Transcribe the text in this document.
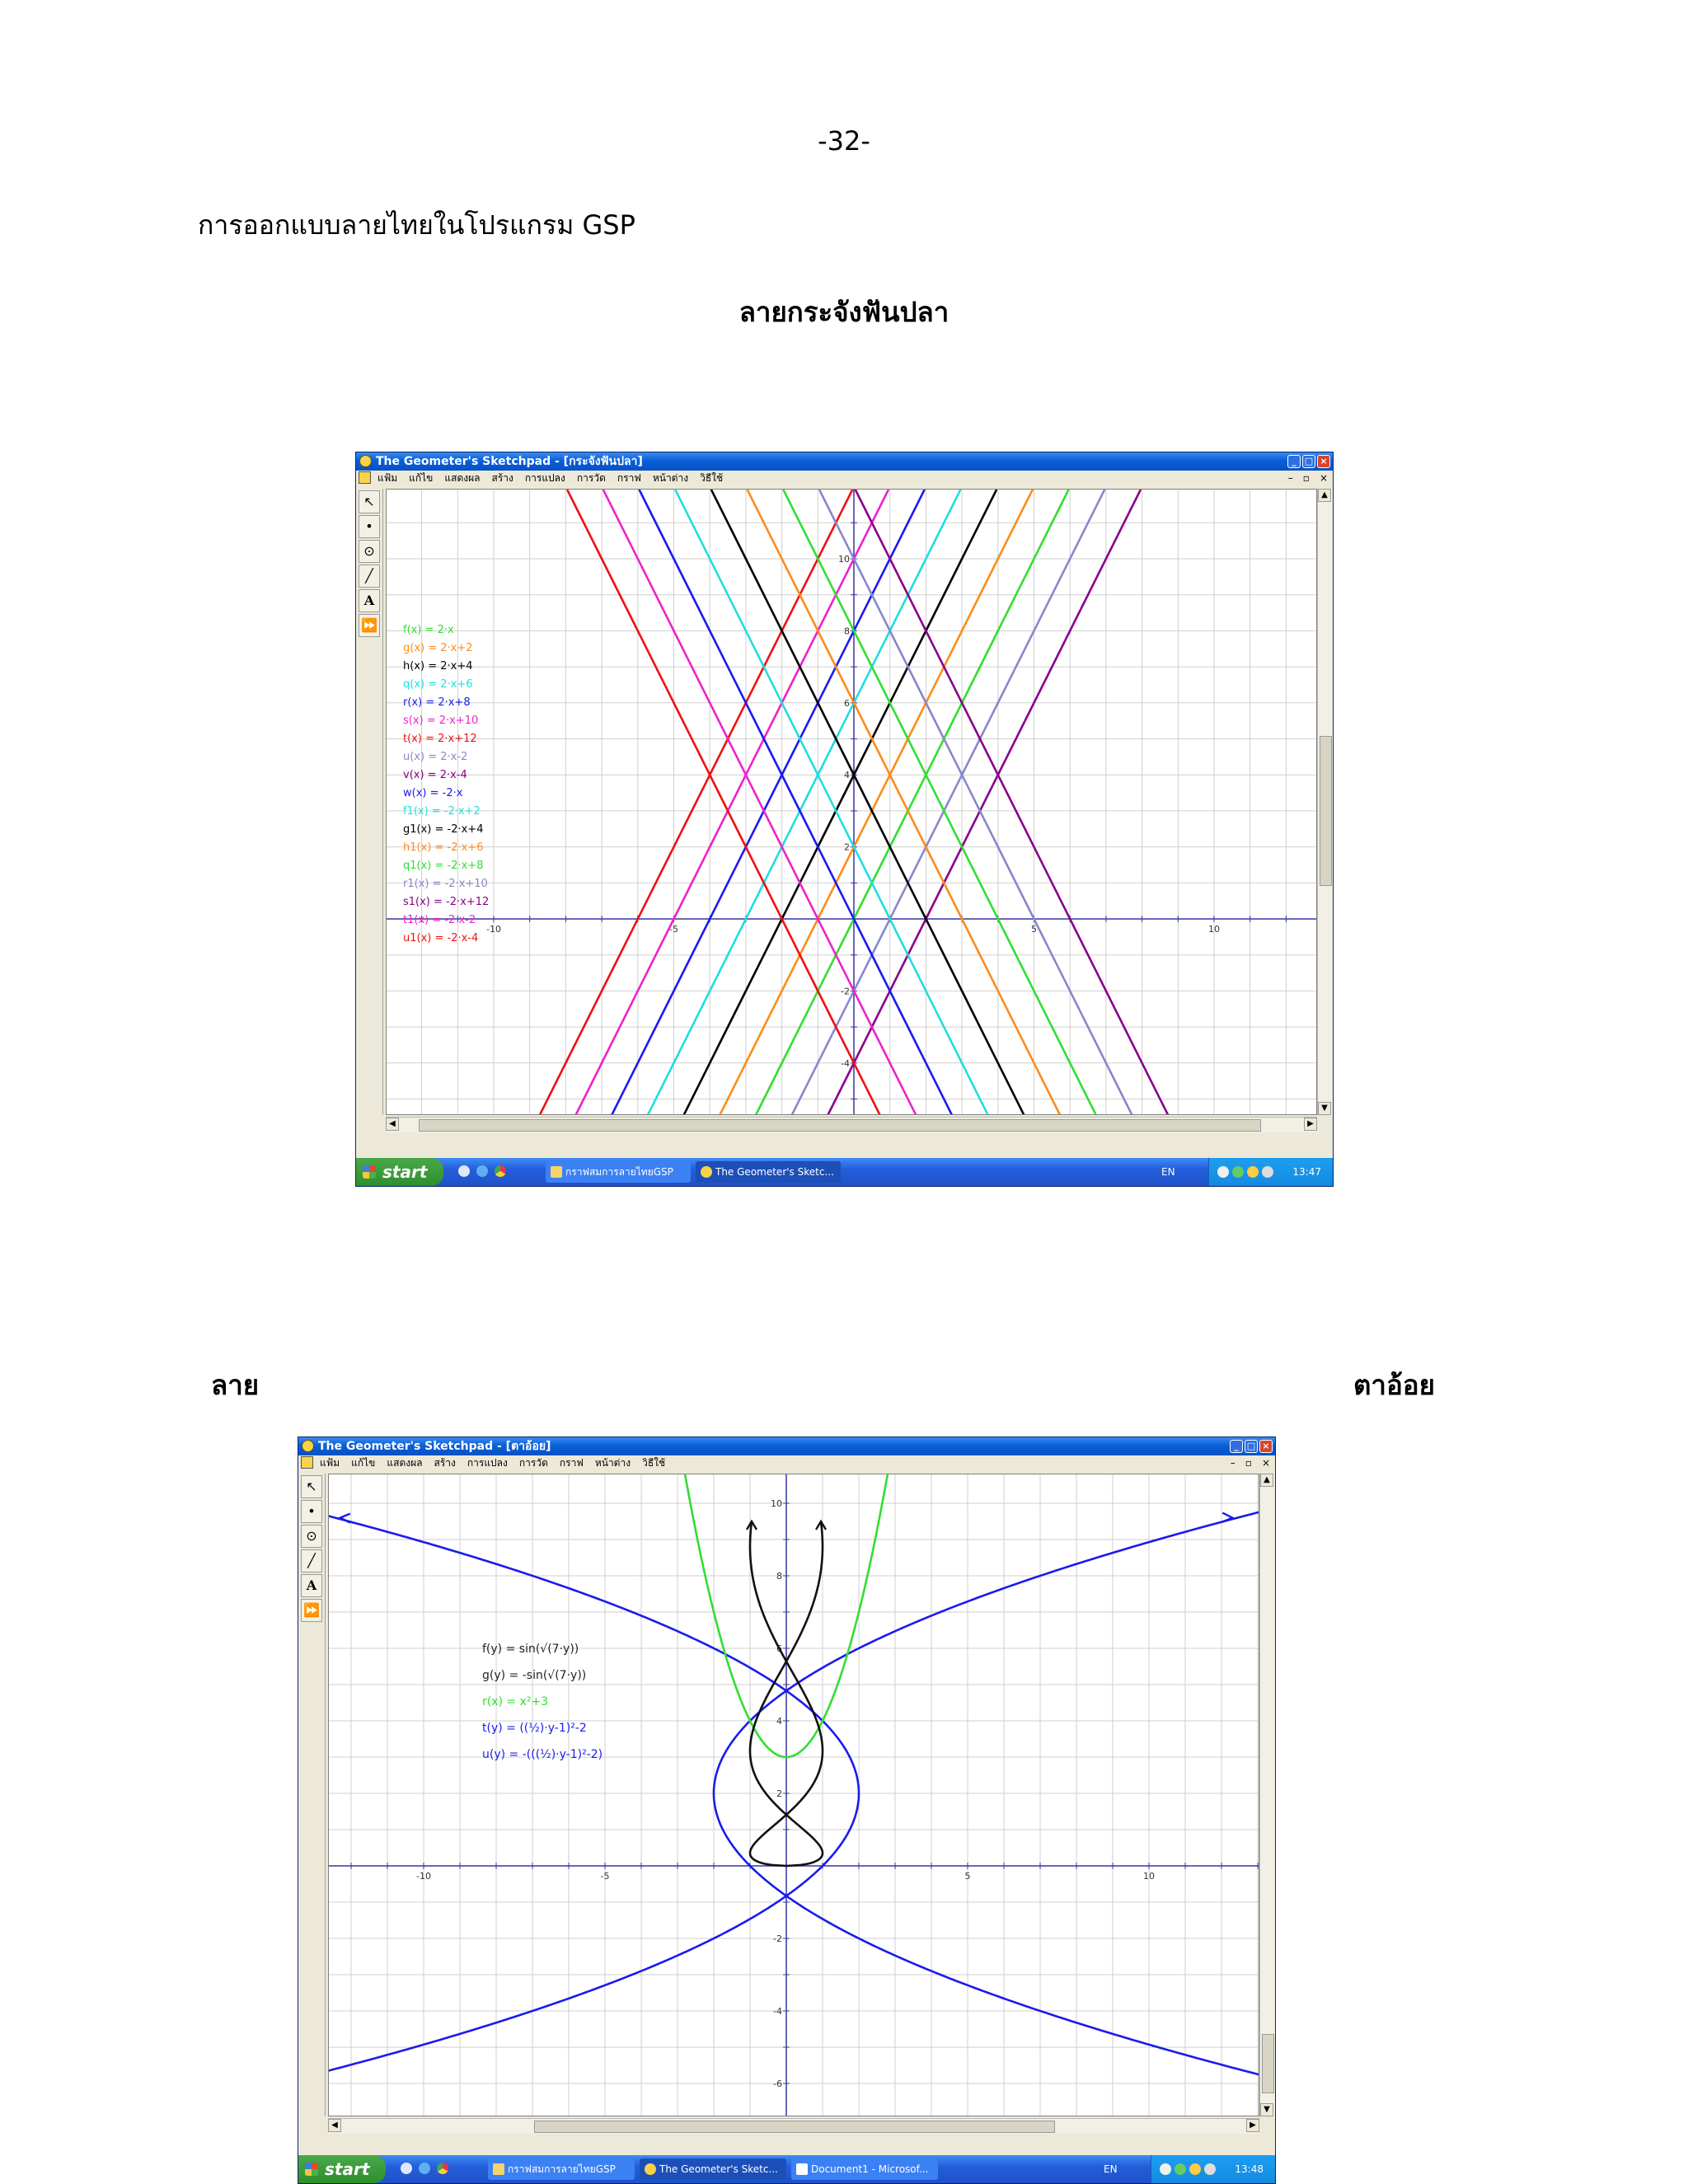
-32-
การออกแบบลายไทยในโปรแกรม GSP
ลายกระจังฟันปลา
The Geometer's Sketchpad - [กระจังฟันปลา]	_ □ ×
แฟ้ม แก้ไข แสดงผล สร้าง การแปลง การวัด กราฟ หน้าต่าง วิธีใช้	– ▫ ×
↖
•
⊙
╱
A
⏩
-10	-5	5	10
10
8
6
4
2
-2
-4
f(x) = 2·x
g(x) = 2·x+2
h(x) = 2·x+4
q(x) = 2·x+6
r(x) = 2·x+8
s(x) = 2·x+10
t(x) = 2·x+12
u(x) = 2·x-2
v(x) = 2·x-4
w(x) = -2·x
f1(x) = -2·x+2
g1(x) = -2·x+4
h1(x) = -2·x+6
q1(x) = -2·x+8
r1(x) = -2·x+10
s1(x) = -2·x+12
t1(x) = -2·x-2
u1(x) = -2·x-4
▲
▼
◀	▶
start	กราฟสมการลายไทยGSP	The Geometer's Sketc...	EN	13:47
ลาย	ตาอ้อย
The Geometer's Sketchpad - [ตาอ้อย]	_ □ ×
แฟ้ม แก้ไข แสดงผล สร้าง การแปลง การวัด กราฟ หน้าต่าง วิธีใช้	– ▫ ×
↖
•
⊙
╱
A
⏩
-10	-5	5	10
10
8
6
4
2
-2
-4
-6
f(y) = sin(√(7·y))
g(y) = -sin(√(7·y))
r(x) = x²+3
t(y) = ((½)·y-1)²-2
u(y) = -(((½)·y-1)²-2)
▲
▼
◀	▶
start	กราฟสมการลายไทยGSP	The Geometer's Sketc...	Document1 - Microsof...	EN	13:48
